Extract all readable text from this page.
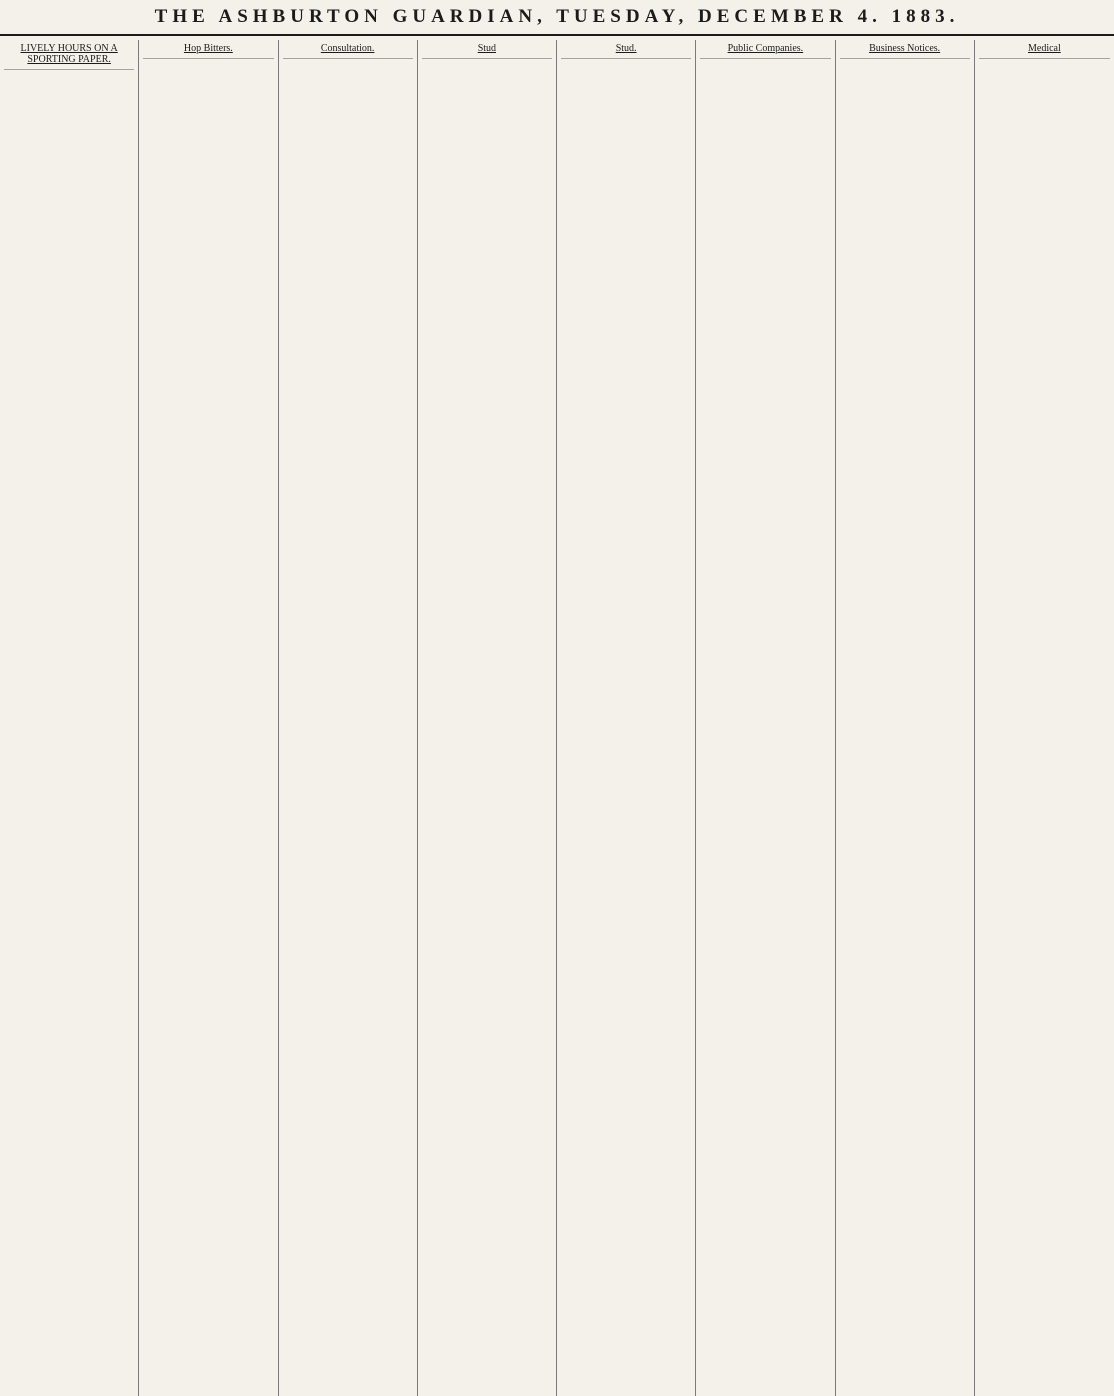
THE ASHBURTON GUARDIAN, TUESDAY, DECEMBER 4. 1883.
LIVELY HOURS ON A SPORTING PAPER.
Hop Bitters.	Consultation.	Stud	Stud.	Public Companies.	Business Notices.	Medical
